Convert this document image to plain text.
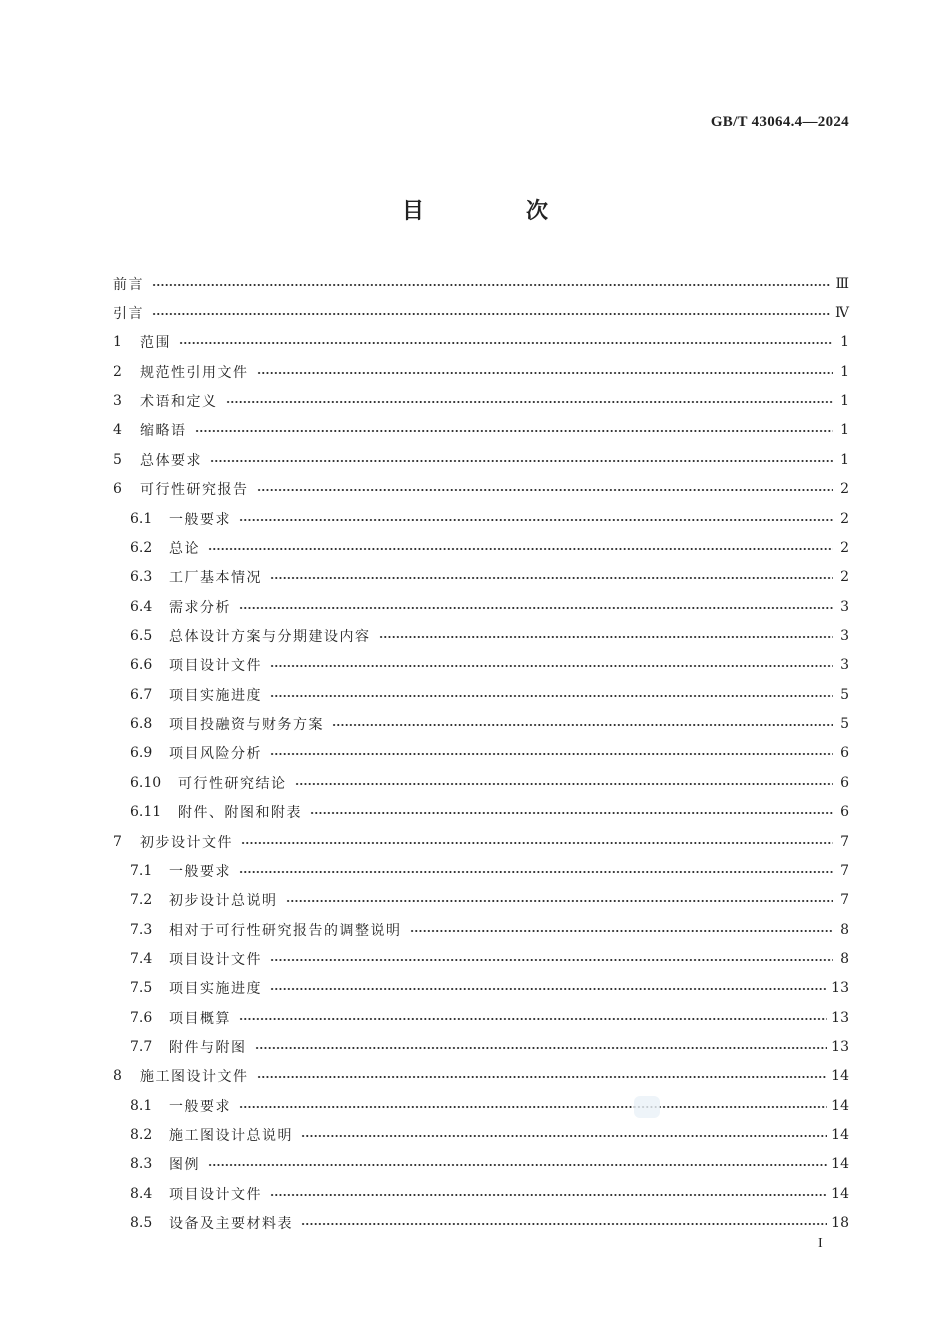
GB/T 43064.4—2024
目　次
前言	Ⅲ
引言	Ⅳ
1	范围	1
2	规范性引用文件	1
3	术语和定义	1
4	缩略语	1
5	总体要求	1
6	可行性研究报告	2
6.1	一般要求	2
6.2	总论	2
6.3	工厂基本情况	2
6.4	需求分析	3
6.5	总体设计方案与分期建设内容	3
6.6	项目设计文件	3
6.7	项目实施进度	5
6.8	项目投融资与财务方案	5
6.9	项目风险分析	6
6.10	可行性研究结论	6
6.11	附件、附图和附表	6
7	初步设计文件	7
7.1	一般要求	7
7.2	初步设计总说明	7
7.3	相对于可行性研究报告的调整说明	8
7.4	项目设计文件	8
7.5	项目实施进度	13
7.6	项目概算	13
7.7	附件与附图	13
8	施工图设计文件	14
8.1	一般要求	14
8.2	施工图设计总说明	14
8.3	图例	14
8.4	项目设计文件	14
8.5	设备及主要材料表	18
I
